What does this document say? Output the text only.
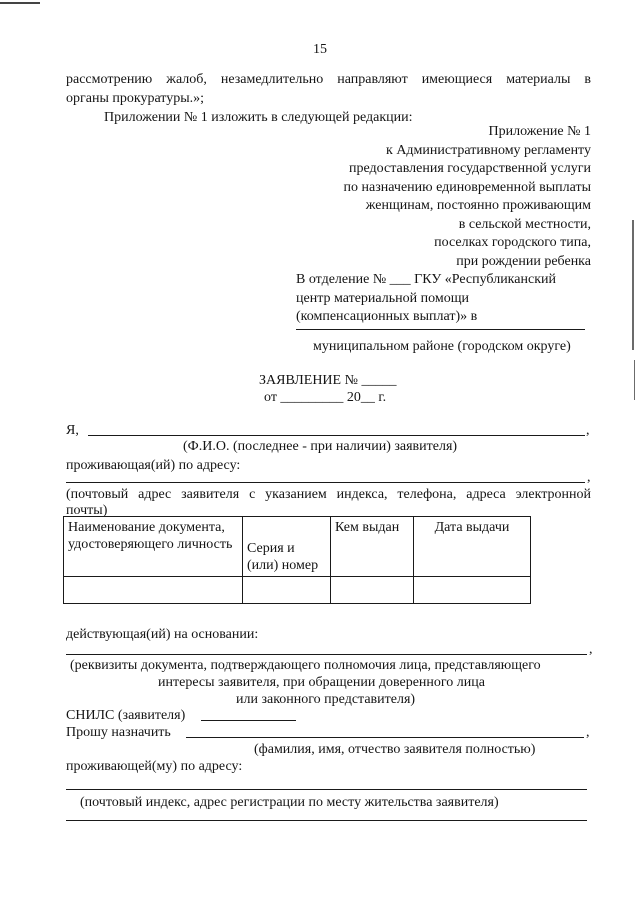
15
рассмотрению жалоб, незамедлительно направляют имеющиеся материалы в
органы прокуратуры.»;
Приложении № 1 изложить в следующей редакции:
Приложение № 1
к Административному регламенту
предоставления государственной услуги
по назначению единовременной выплаты
женщинам, постоянно проживающим
в сельской местности,
поселках городского типа,
при рождении ребенка
В отделение № ___ ГКУ «Республиканский
центр материальной помощи
(компенсационных выплат)» в
муниципальном районе (городском округе)
ЗАЯВЛЕНИЕ № _____
от _________ 20__ г.
Я,	,
(Ф.И.О. (последнее - при наличии) заявителя)
проживающая(ий) по адресу:
,
(почтовый адрес заявителя с указанием индекса, телефона, адреса электронной
почты)
Наименование документа, удостоверяющего личность	Серия и (или) номер	Кем выдан	Дата выдачи

действующая(ий) на основании:
,
(реквизиты документа, подтверждающего полномочия лица, представляющего
интересы заявителя, при обращении доверенного лица
или законного представителя)
СНИЛС (заявителя)
Прошу назначить	,
(фамилия, имя, отчество заявителя полностью)
проживающей(му) по адресу:
(почтовый индекс, адрес регистрации по месту жительства заявителя)
